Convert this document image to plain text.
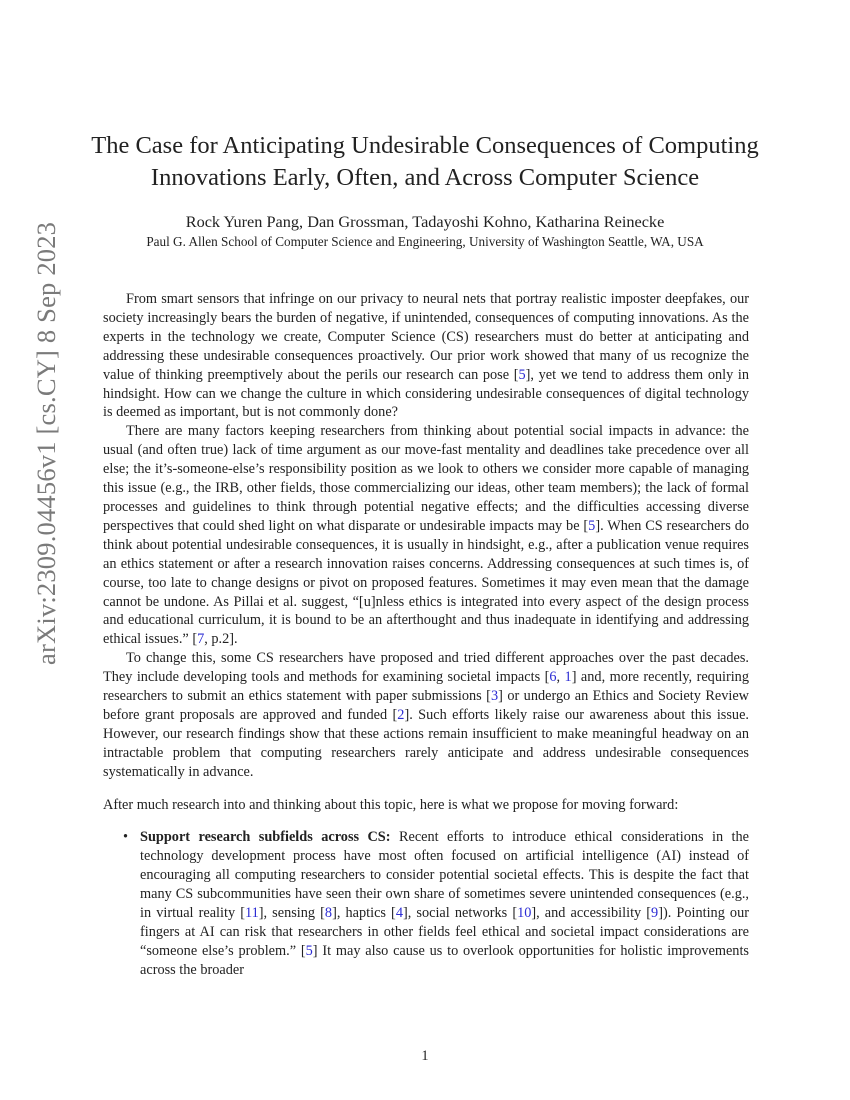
arXiv:2309.04456v1 [cs.CY] 8 Sep 2023
The Case for Anticipating Undesirable Consequences of Computing Innovations Early, Often, and Across Computer Science
Rock Yuren Pang, Dan Grossman, Tadayoshi Kohno, Katharina Reinecke
Paul G. Allen School of Computer Science and Engineering, University of Washington Seattle, WA, USA

From smart sensors that infringe on our privacy to neural nets that portray realistic imposter deepfakes, our society increasingly bears the burden of negative, if unintended, consequences of computing innovations. As the experts in the technology we create, Computer Science (CS) researchers must do better at anticipating and addressing these undesirable consequences proactively. Our prior work showed that many of us recognize the value of thinking preemptively about the perils our research can pose [5], yet we tend to address them only in hindsight. How can we change the culture in which considering undesirable consequences of digital technology is deemed as important, but is not commonly done?

There are many factors keeping researchers from thinking about potential social impacts in advance: the usual (and often true) lack of time argument as our move-fast mentality and deadlines take precedence over all else; the it’s-someone-else’s responsibility position as we look to others we consider more capable of managing this issue (e.g., the IRB, other fields, those commercializing our ideas, other team members); the lack of formal processes and guidelines to think through potential negative effects; and the difficulties accessing diverse perspectives that could shed light on what disparate or undesirable impacts may be [5]. When CS researchers do think about potential undesirable consequences, it is usually in hindsight, e.g., after a publication venue requires an ethics statement or after a research innovation raises concerns. Addressing consequences at such times is, of course, too late to change designs or pivot on proposed features. Sometimes it may even mean that the damage cannot be undone. As Pillai et al. suggest, “[u]nless ethics is integrated into every aspect of the design process and educational curriculum, it is bound to be an afterthought and thus inadequate in identifying and addressing ethical issues.” [7, p.2].

To change this, some CS researchers have proposed and tried different approaches over the past decades. They include developing tools and methods for examining societal impacts [6, 1] and, more recently, requiring researchers to submit an ethics statement with paper submissions [3] or undergo an Ethics and Society Review before grant proposals are approved and funded [2]. Such efforts likely raise our awareness about this issue. However, our research findings show that these actions remain insufficient to make meaningful headway on an intractable problem that computing researchers rarely anticipate and address undesirable consequences systematically in advance.

After much research into and thinking about this topic, here is what we propose for moving forward:

• Support research subfields across CS: Recent efforts to introduce ethical considerations in the technology development process have most often focused on artificial intelligence (AI) instead of encouraging all computing researchers to consider potential societal effects. This is despite the fact that many CS subcommunities have seen their own share of sometimes severe unintended consequences (e.g., in virtual reality [11], sensing [8], haptics [4], social networks [10], and accessibility [9]). Pointing our fingers at AI can risk that researchers in other fields feel ethical and societal impact considerations are “someone else’s problem.” [5] It may also cause us to overlook opportunities for holistic improvements across the broader
1
